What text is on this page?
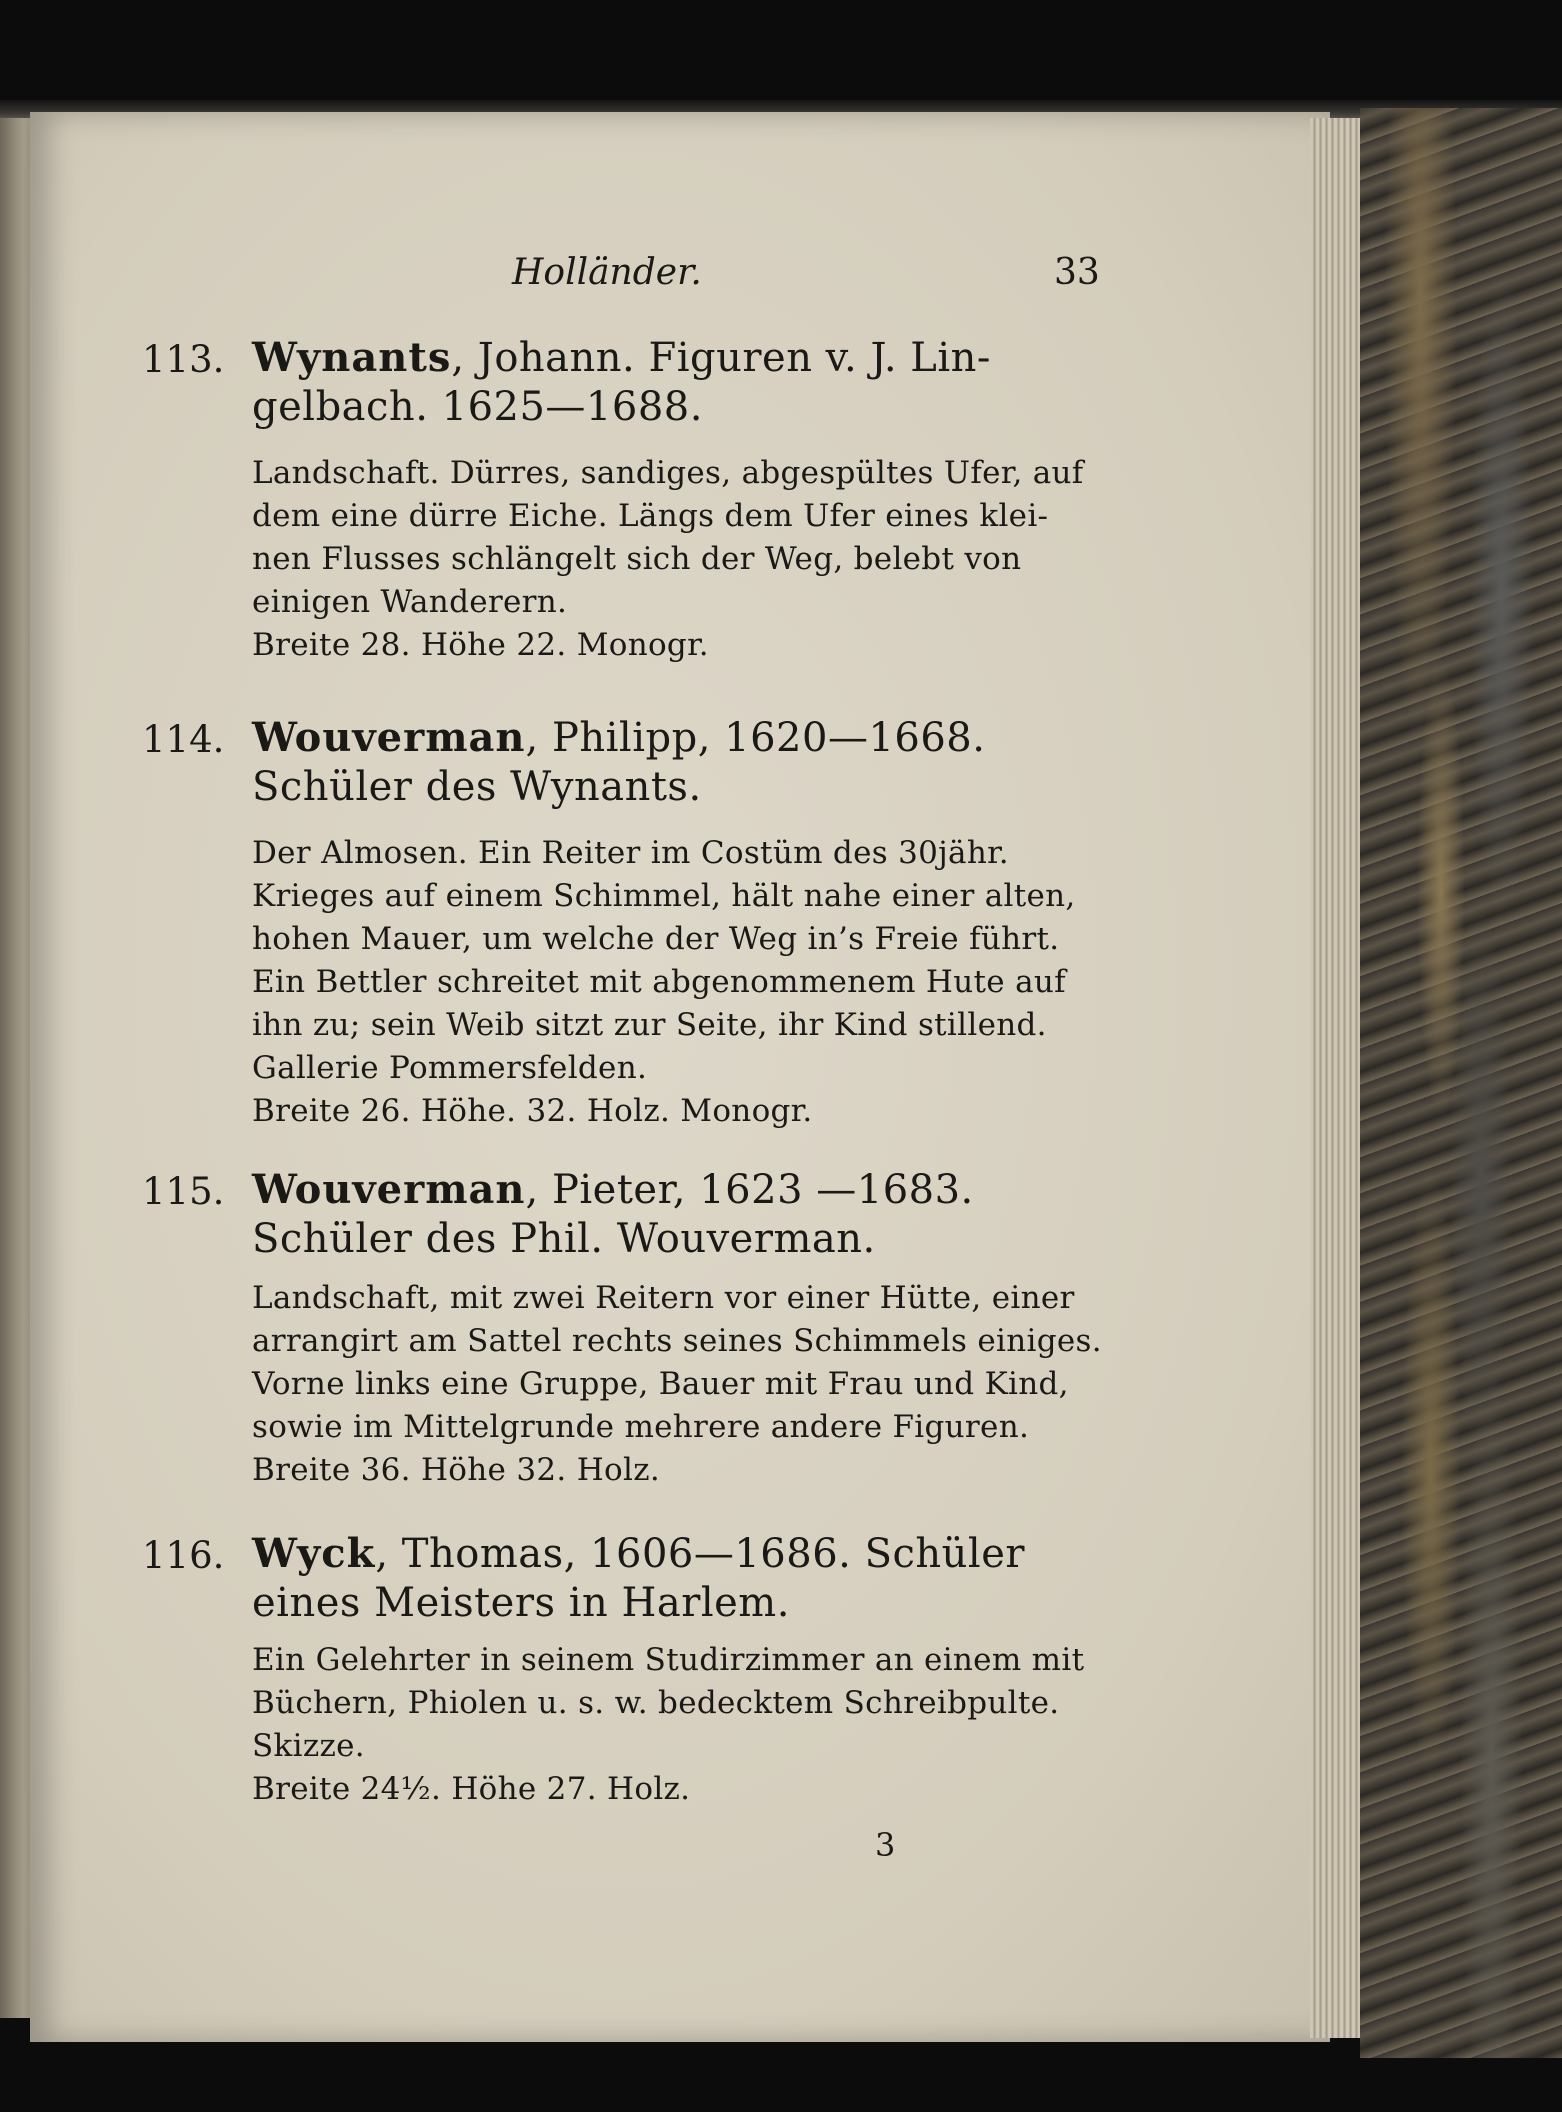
Holländer.	33
113. Wynants, Johann. Figuren v. J. Lin-
gelbach. 1625—1688.
Landschaft. Dürres, sandiges, abgespültes Ufer, auf
dem eine dürre Eiche. Längs dem Ufer eines klei-
nen Flusses schlängelt sich der Weg, belebt von
einigen Wanderern.
Breite 28. Höhe 22. Monogr.
114. Wouverman, Philipp, 1620—1668.
Schüler des Wynants.
Der Almosen. Ein Reiter im Costüm des 30jähr.
Krieges auf einem Schimmel, hält nahe einer alten,
hohen Mauer, um welche der Weg in’s Freie führt.
Ein Bettler schreitet mit abgenommenem Hute auf
ihn zu; sein Weib sitzt zur Seite, ihr Kind stillend.
Gallerie Pommersfelden.
Breite 26. Höhe. 32. Holz. Monogr.
115. Wouverman, Pieter, 1623 —1683.
Schüler des Phil. Wouverman.
Landschaft, mit zwei Reitern vor einer Hütte, einer
arrangirt am Sattel rechts seines Schimmels einiges.
Vorne links eine Gruppe, Bauer mit Frau und Kind,
sowie im Mittelgrunde mehrere andere Figuren.
Breite 36. Höhe 32. Holz.
116. Wyck, Thomas, 1606—1686. Schüler
eines Meisters in Harlem.
Ein Gelehrter in seinem Studirzimmer an einem mit
Büchern, Phiolen u. s. w. bedecktem Schreibpulte.
Skizze.
Breite 24½. Höhe 27. Holz.
3
